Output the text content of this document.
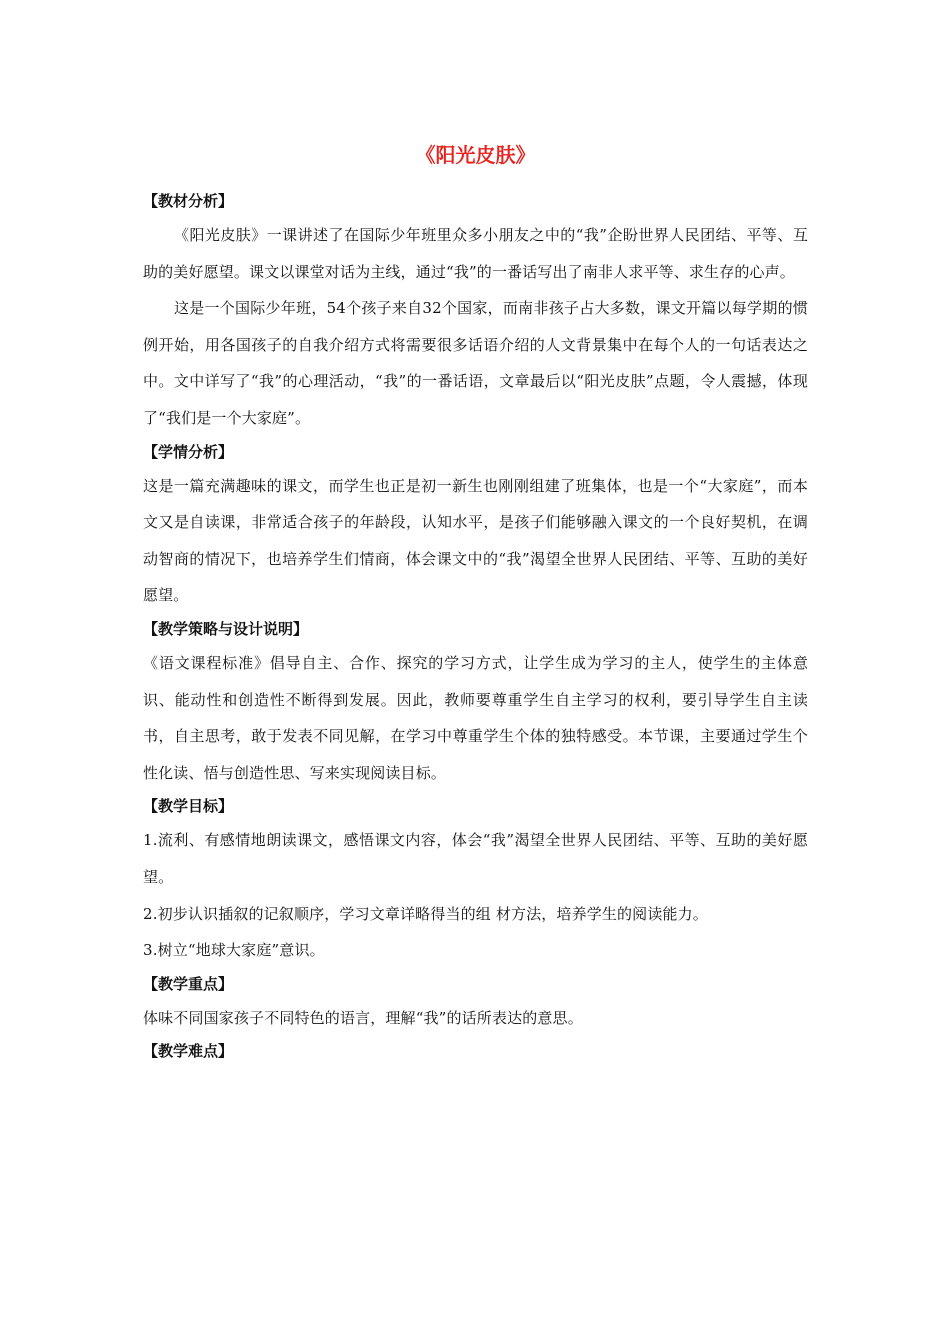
《阳光皮肤》

【教材分析】

《阳光皮肤》一课讲述了在国际少年班里众多小朋友之中的“我”企盼世界人民团结、平等、互助的美好愿望。课文以课堂对话为主线，通过“我”的一番话写出了南非人求平等、求生存的心声。

这是一个国际少年班，54个孩子来自32个国家，而南非孩子占大多数，课文开篇以每学期的惯例开始，用各国孩子的自我介绍方式将需要很多话语介绍的人文背景集中在每个人的一句话表达之中。文中详写了“我”的心理活动，“我”的一番话语，文章最后以“阳光皮肤”点题，令人震撼，体现了“我们是一个大家庭”。

【学情分析】

这是一篇充满趣味的课文，而学生也正是初一新生也刚刚组建了班集体，也是一个“大家庭”，而本文又是自读课，非常适合孩子的年龄段，认知水平，是孩子们能够融入课文的一个良好契机，在调动智商的情况下，也培养学生们情商，体会课文中的“我”渴望全世界人民团结、平等、互助的美好愿望。

【教学策略与设计说明】

《语文课程标准》倡导自主、合作、探究的学习方式，让学生成为学习的主人，使学生的主体意识、能动性和创造性不断得到发展。因此，教师要尊重学生自主学习的权利，要引导学生自主读书，自主思考，敢于发表不同见解，在学习中尊重学生个体的独特感受。本节课，主要通过学生个性化读、悟与创造性思、写来实现阅读目标。

【教学目标】

1.流利、有感情地朗读课文，感悟课文内容，体会“我”渴望全世界人民团结、平等、互助的美好愿望。

2.初步认识插叙的记叙顺序，学习文章详略得当的组 材方法，培养学生的阅读能力。

3.树立“地球大家庭”意识。

【教学重点】

体味不同国家孩子不同特色的语言，理解“我”的话所表达的意思。

【教学难点】
